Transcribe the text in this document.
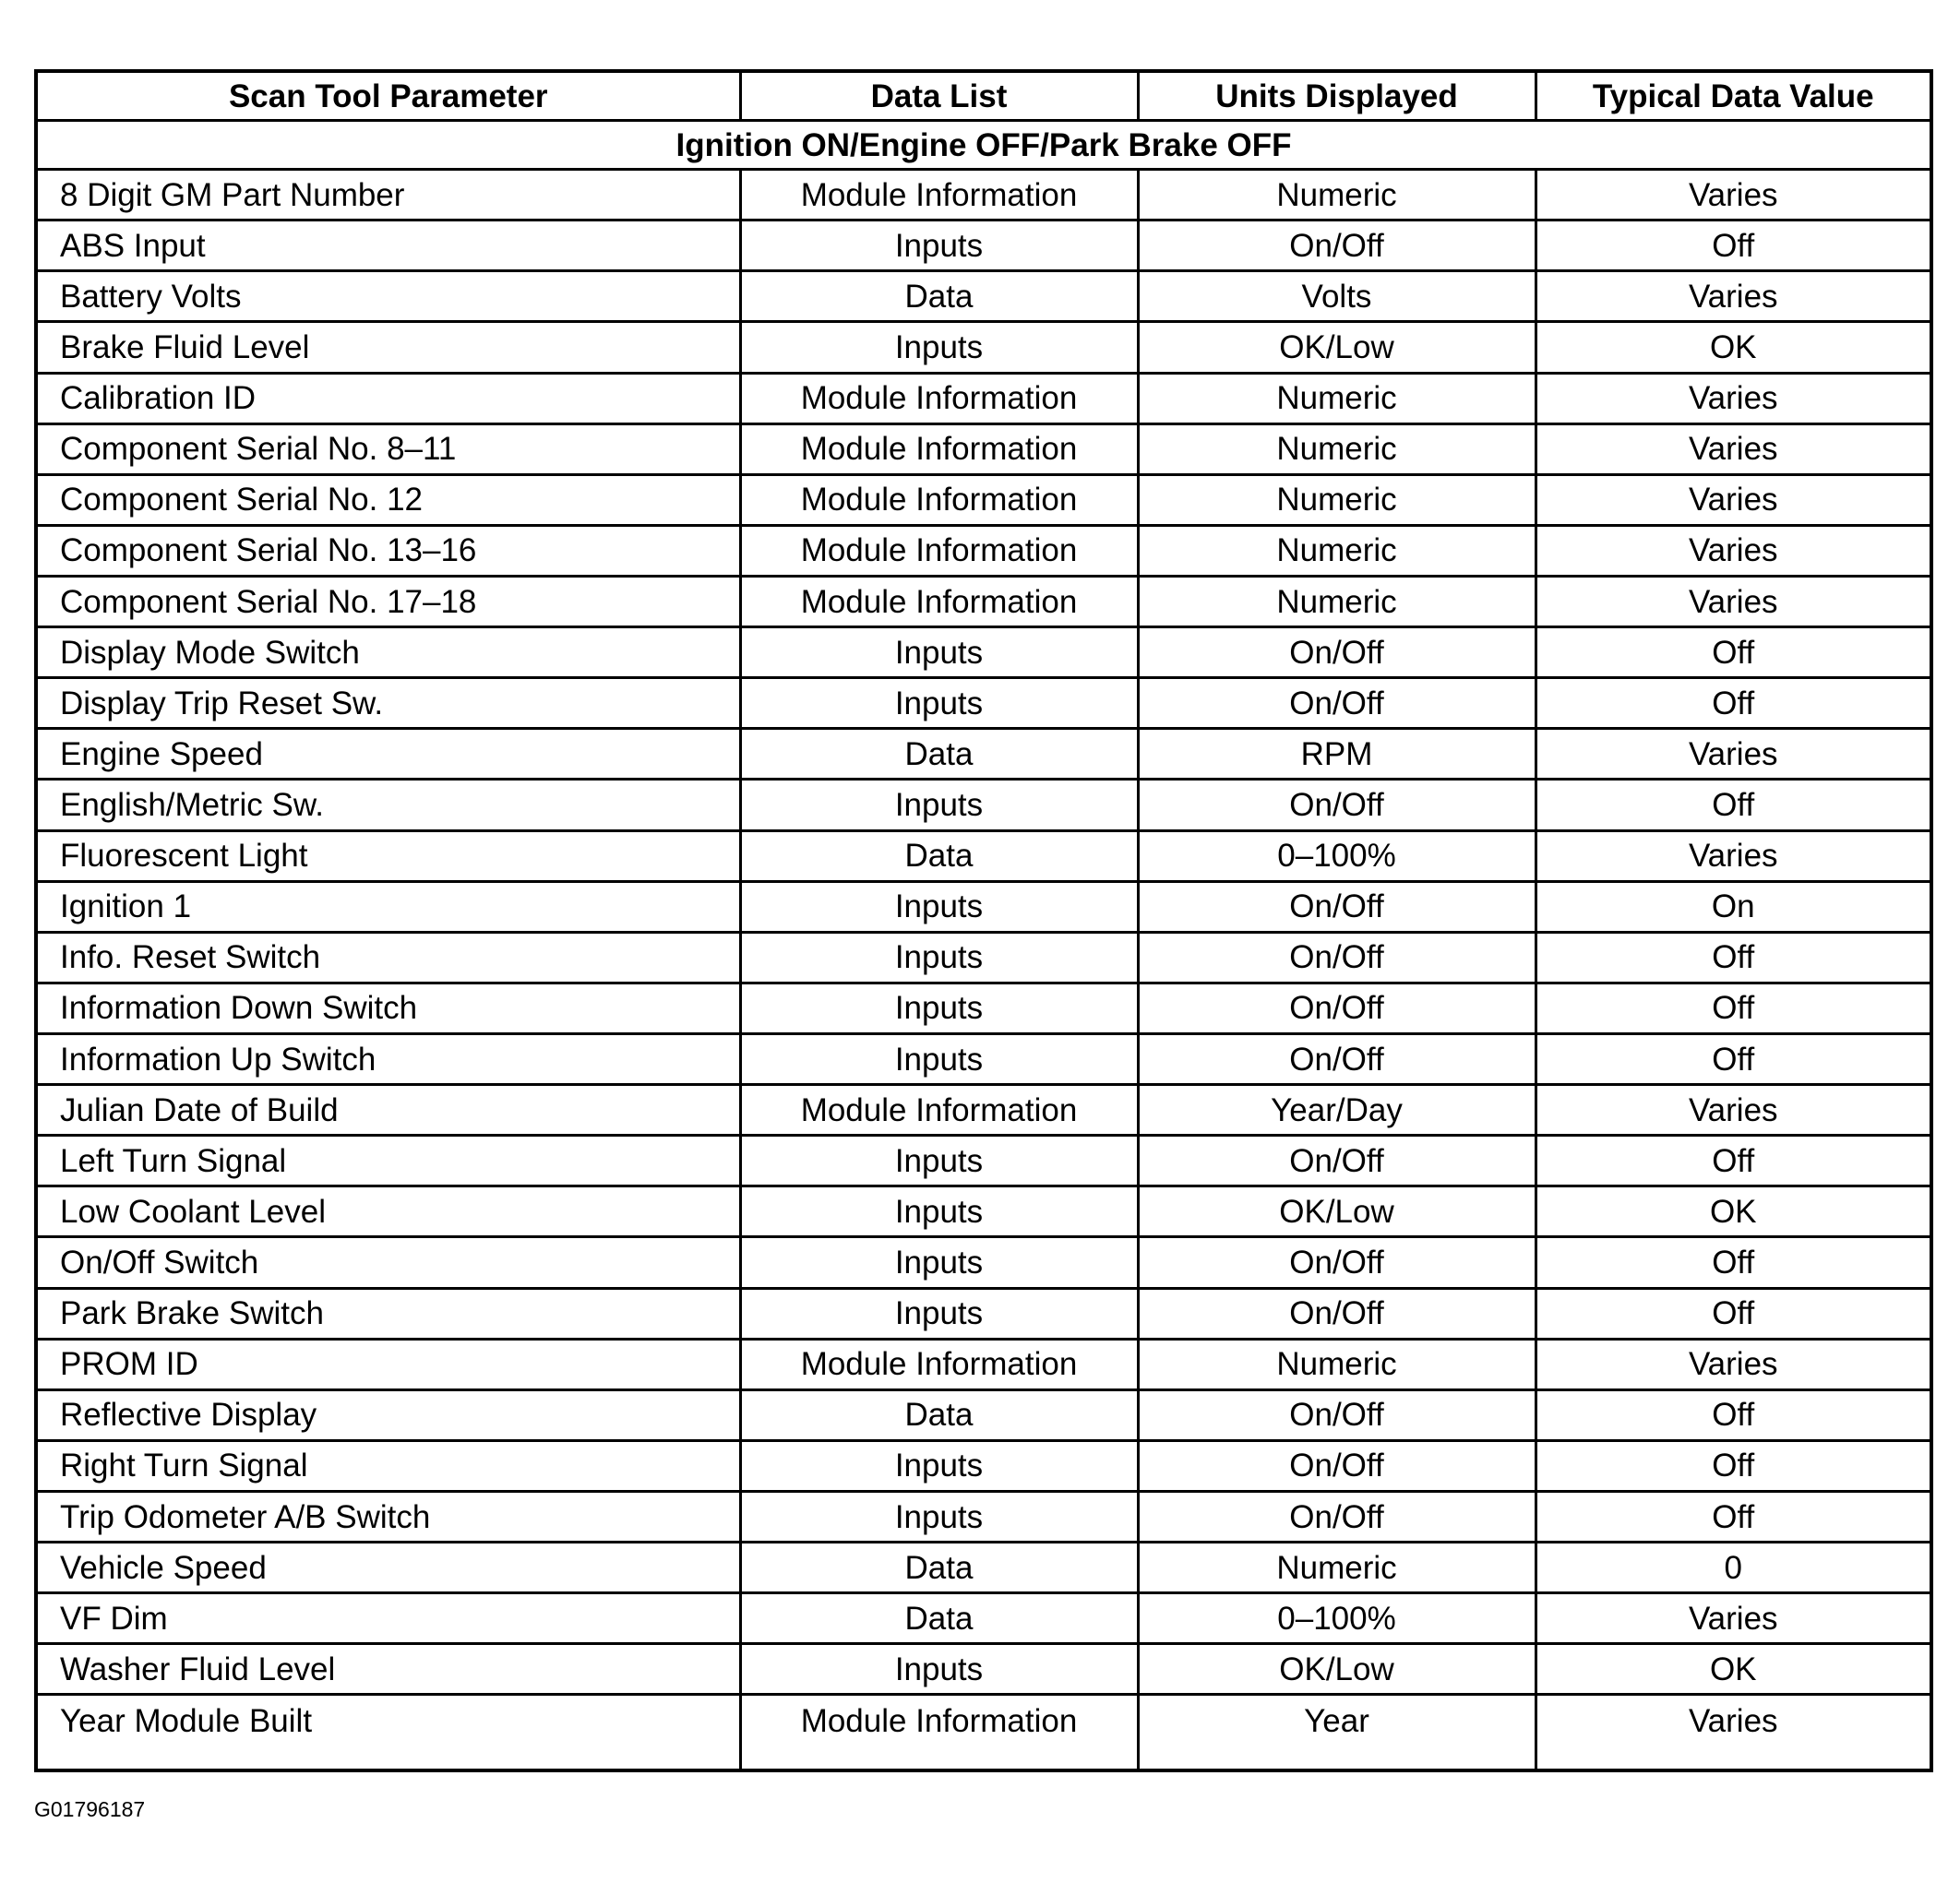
Scan Tool Parameter	Data List	Units Displayed	Typical Data Value
Ignition ON/Engine OFF/Park Brake OFF			
8 Digit GM Part Number	Module Information	Numeric	Varies
ABS Input	Inputs	On/Off	Off
Battery Volts	Data	Volts	Varies
Brake Fluid Level	Inputs	OK/Low	OK
Calibration ID	Module Information	Numeric	Varies
Component Serial No. 8–11	Module Information	Numeric	Varies
Component Serial No. 12	Module Information	Numeric	Varies
Component Serial No. 13–16	Module Information	Numeric	Varies
Component Serial No. 17–18	Module Information	Numeric	Varies
Display Mode Switch	Inputs	On/Off	Off
Display Trip Reset Sw.	Inputs	On/Off	Off
Engine Speed	Data	RPM	Varies
English/Metric Sw.	Inputs	On/Off	Off
Fluorescent Light	Data	0–100%	Varies
Ignition 1	Inputs	On/Off	On
Info. Reset Switch	Inputs	On/Off	Off
Information Down Switch	Inputs	On/Off	Off
Information Up Switch	Inputs	On/Off	Off
Julian Date of Build	Module Information	Year/Day	Varies
Left Turn Signal	Inputs	On/Off	Off
Low Coolant Level	Inputs	OK/Low	OK
On/Off Switch	Inputs	On/Off	Off
Park Brake Switch	Inputs	On/Off	Off
PROM ID	Module Information	Numeric	Varies
Reflective Display	Data	On/Off	Off
Right Turn Signal	Inputs	On/Off	Off
Trip Odometer A/B Switch	Inputs	On/Off	Off
Vehicle Speed	Data	Numeric	0
VF Dim	Data	0–100%	Varies
Washer Fluid Level	Inputs	OK/Low	OK
Year Module Built	Module Information	Year	Varies
G01796187
